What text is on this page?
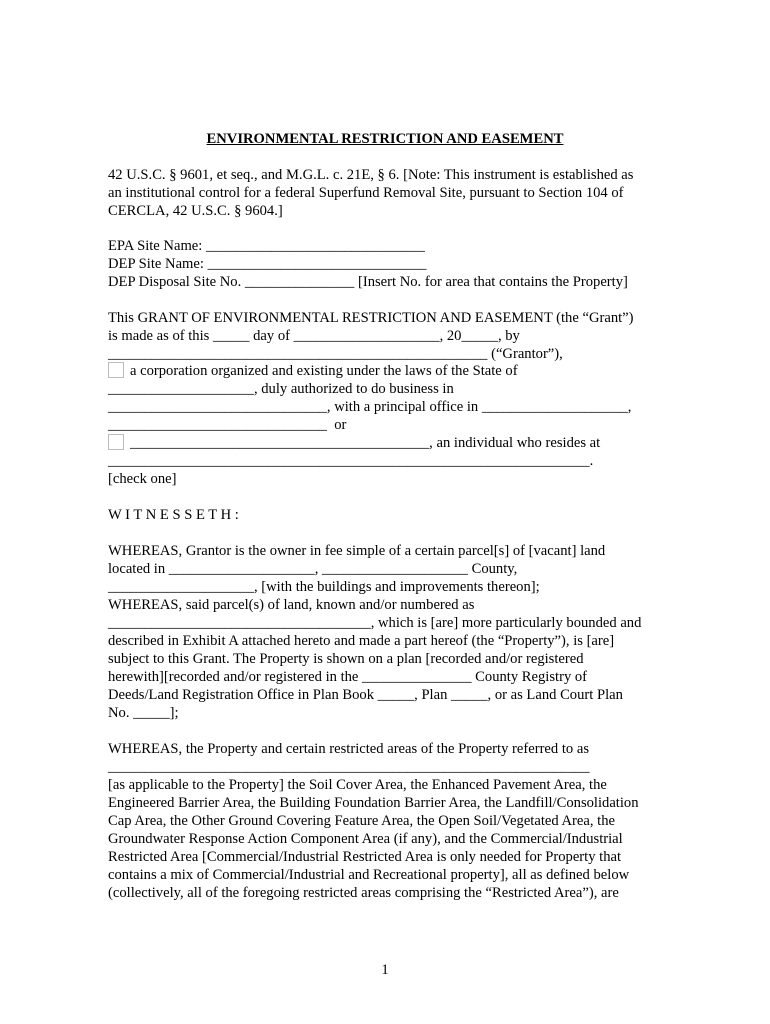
ENVIRONMENTAL RESTRICTION AND EASEMENT
42 U.S.C. § 9601, et seq., and M.G.L. c. 21E, § 6. [Note: This instrument is established as
an institutional control for a federal Superfund Removal Site, pursuant to Section 104 of
CERCLA, 42 U.S.C. § 9604.]
EPA Site Name: ______________________________
DEP Site Name: ______________________________
DEP Disposal Site No. _______________ [Insert No. for area that contains the Property]
This GRANT OF ENVIRONMENTAL RESTRICTION AND EASEMENT (the “Grant”)
is made as of this _____ day of ____________________, 20_____, by
____________________________________________________ (“Grantor”),
a corporation organized and existing under the laws of the State of
____________________, duly authorized to do business in
______________________________, with a principal office in ____________________,
______________________________  or
_________________________________________, an individual who resides at
__________________________________________________________________.
[check one]
W I T N E S S E T H :
WHEREAS, Grantor is the owner in fee simple of a certain parcel[s] of [vacant] land
located in ____________________, ____________________ County,
____________________, [with the buildings and improvements thereon];
WHEREAS, said parcel(s) of land, known and/or numbered as
____________________________________, which is [are] more particularly bounded and
described in Exhibit A attached hereto and made a part hereof (the “Property”), is [are]
subject to this Grant. The Property is shown on a plan [recorded and/or registered
herewith][recorded and/or registered in the _______________ County Registry of
Deeds/Land Registration Office in Plan Book _____, Plan _____, or as Land Court Plan
No. _____];
WHEREAS, the Property and certain restricted areas of the Property referred to as
__________________________________________________________________
[as applicable to the Property] the Soil Cover Area, the Enhanced Pavement Area, the
Engineered Barrier Area, the Building Foundation Barrier Area, the Landfill/Consolidation
Cap Area, the Other Ground Covering Feature Area, the Open Soil/Vegetated Area, the
Groundwater Response Action Component Area (if any), and the Commercial/Industrial
Restricted Area [Commercial/Industrial Restricted Area is only needed for Property that
contains a mix of Commercial/Industrial and Recreational property], all as defined below
(collectively, all of the foregoing restricted areas comprising the “Restricted Area”), are
1
